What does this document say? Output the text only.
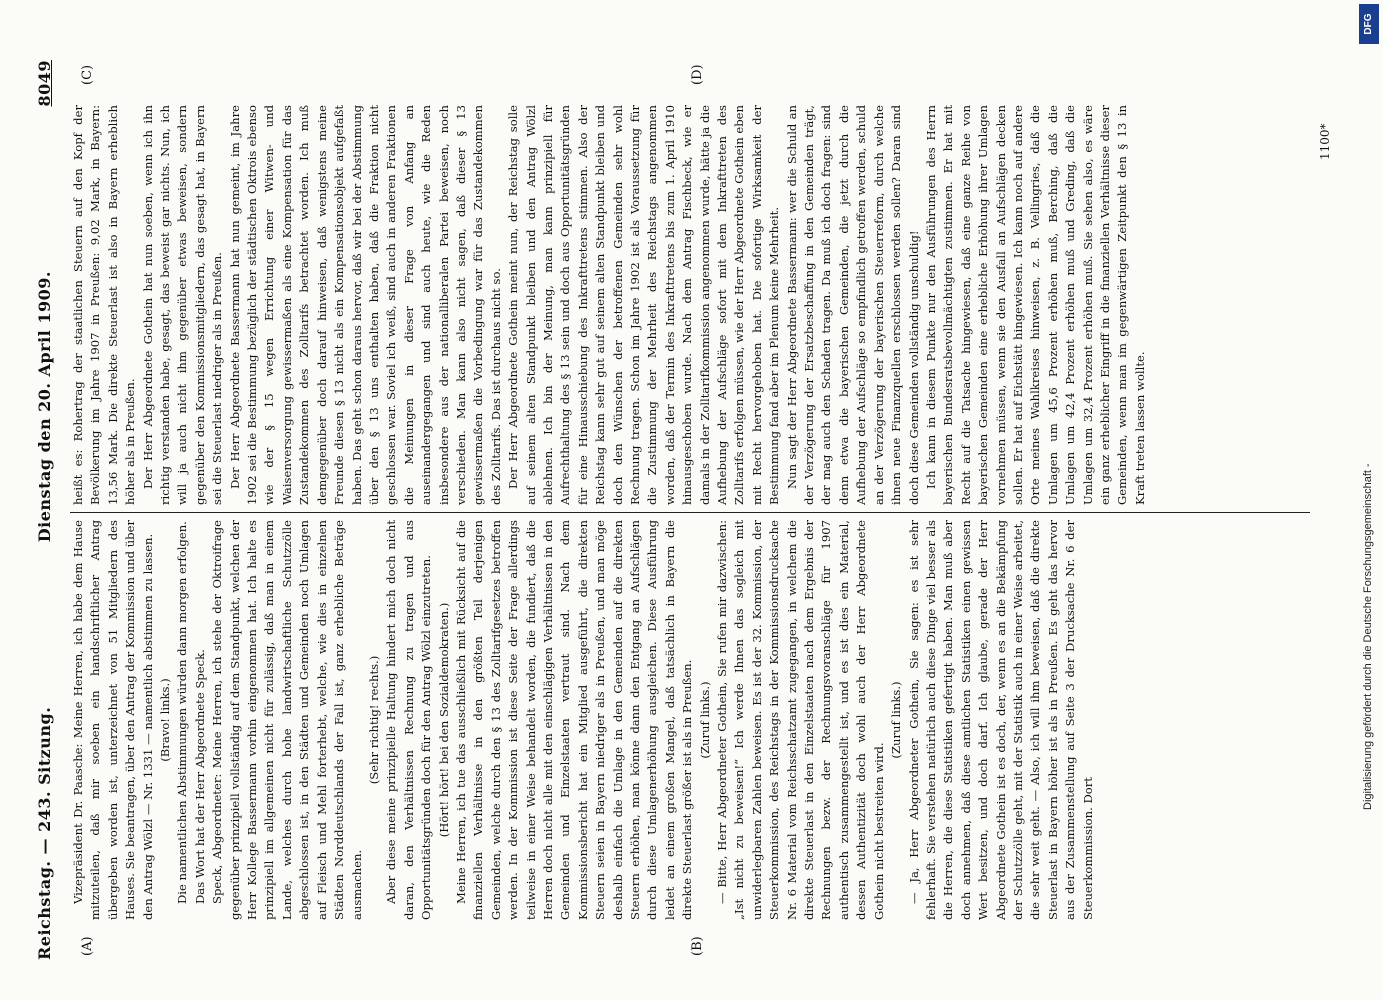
Reichstag. — 243. Sitzung.
Dienstag den 20. April 1909.
8049
(A)	(B)
(C)	(D)

Vizepräsident Dr. Paasche: Meine Herren, ich habe dem Hause mitzuteilen, daß mir soeben ein handschriftlicher Antrag übergeben worden ist, unterzeichnet von 51 Mitgliedern des Hauses. Sie beantragen, über den Antrag der Kommission und über den Antrag Wölzl — Nr. 1331 — namentlich abstimmen zu lassen. (Bravo! links.) Die namentlichen Abstimmungen würden dann morgen erfolgen. Das Wort hat der Herr Abgeordnete Speck. Speck, Abgeordneter: Meine Herren, ich stehe der Oktroifrage gegenüber prinzipiell vollständig auf dem Standpunkt, welchen der Herr Kollege Bassermann vorhin eingenommen hat. Ich halte es prinzipiell im allgemeinen nicht für zulässig, daß man in einem Lande, welches durch hohe landwirtschaftliche Schutzzölle abgeschlossen ist, in den Städten und Gemeinden noch Umlagen auf Fleisch und Mehl forterhebt, welche, wie dies in einzelnen Städten Norddeutschlands der Fall ist, ganz erhebliche Beträge ausmachen.

(Sehr richtig! rechts.) Aber diese meine prinzipielle Haltung hindert mich doch nicht daran, den Verhältnissen Rechnung zu tragen und aus Opportunitätsgründen doch für den Antrag Wölzl einzutreten. (Hört! hört! bei den Sozialdemokraten.) Meine Herren, ich tue das ausschließlich mit Rücksicht auf die finanziellen Verhältnisse in den größten Teil derjenigen Gemeinden, welche durch den § 13 des Zolltarifgesetzes betroffen werden. In der Kommission ist diese Seite der Frage allerdings teilweise in einer Weise behandelt worden, die fundiert, daß die Herren doch nicht alle mit den einschlägigen Verhältnissen in den Gemeinden und Einzelstaaten vertraut sind. Nach dem Kommissionsbericht hat ein Mitglied ausgeführt, die direkten Steuern seien in Bayern niedriger als in Preußen, und man möge deshalb einfach die Umlage in den Gemeinden auf die direkten Steuern erhöhen, man könne dann den Entgang an Aufschlägen durch diese Umlagenerhöhung ausgleichen. Diese Ausführung leidet an einem großen Mangel, daß tatsächlich in Bayern die direkte Steuerlast größer ist als in Preußen. (Zuruf links.) — Bitte, Herr Abgeordneter Gothein, Sie rufen mir dazwischen: „Ist nicht zu beweisen!“ Ich werde Ihnen das sogleich mit unwiderlegbaren Zahlen beweisen. Es ist der 32. Kommission, der Steuerkommission, des Reichstags in der Kommissionsdrucksache Nr. 6 Material vom Reichsschatzamt zugegangen, in welchem die direkte Steuerlast in den Einzelstaaten nach dem Ergebnis der Rechnungen bezw. der Rechnungsvoranschläge für 1907 authentisch zusammengestellt ist, und es ist dies ein Material, dessen Authentizität doch wohl auch der Herr Abgeordnete Gothein nicht bestreiten wird.

(Zuruf links.) — Ja, Herr Abgeordneter Gothein, Sie sagen: es ist sehr fehlerhaft. Sie verstehen natürlich auch diese Dinge viel besser als die Herren, die diese Statistiken gefertigt haben. Man muß aber doch annehmen, daß diese amtlichen Statistiken einen gewissen Wert besitzen, und doch darf. Ich glaube, gerade der Herr Abgeordnete Gothein ist es doch, der, wenn es an die Bekämpfung der Schutzzölle geht, mit der Statistik auch in einer Weise arbeitet, die sehr weit geht. — Also, ich will ihm beweisen, daß die direkte Steuerlast in Bayern höher ist als in Preußen. Es geht das hervor aus der Zusammenstellung auf Seite 3 der Drucksache Nr. 6 der Steuerkommission. Dort

heißt es: Rohertrag der staatlichen Steuern auf den Kopf der Bevölkerung im Jahre 1907 in Preußen: 9,02 Mark, in Bayern: 13,56 Mark. Die direkte Steuerlast ist also in Bayern erheblich höher als in Preußen. Der Herr Abgeordnete Gothein hat nun soeben, wenn ich ihn richtig verstanden habe, gesagt, das beweist gar nichts. Nun, ich will ja auch nicht ihm gegenüber etwas beweisen, sondern gegenüber den Kommissionsmitgliedern, das gesagt hat, in Bayern sei die Steuerlast niedriger als in Preußen. Der Herr Abgeordnete Bassermann hat nun gemeint, im Jahre 1902 sei die Bestimmung bezüglich der städtischen Oktrois ebenso wie der § 15 wegen Errichtung einer Witwen- und Waisenversorgung gewissermaßen als eine Kompensation für das Zustandekommen des Zolltarifs betrachtet worden. Ich muß demgegenüber doch darauf hinweisen, daß wenigstens meine Freunde diesen § 13 nicht als ein Kompensationsobjekt aufgefaßt haben. Das geht schon daraus hervor, daß wir bei der Abstimmung über den § 13 uns enthalten haben, daß die Fraktion nicht geschlossen war. Soviel ich weiß, sind auch in anderen Fraktionen die Meinungen in dieser Frage von Anfang an auseinandergegangen und sind auch heute, wie die Reden insbesondere aus der nationalliberalen Partei beweisen, noch verschieden. Man kann also nicht sagen, daß dieser § 13 gewissermaßen die Vorbedingung war für das Zustandekommen des Zolltarifs. Das ist durchaus nicht so. Der Herr Abgeordnete Gothein meint nun, der Reichstag solle auf seinem alten Standpunkt bleiben und den Antrag Wölzl ablehnen. Ich bin der Meinung, man kann prinzipiell für Aufrechthaltung des § 13 sein und doch aus Opportunitätsgründen für eine Hinausschiebung des Inkrafttretens stimmen. Also der Reichstag kann sehr gut auf seinem alten Standpunkt bleiben und doch den Wünschen der betroffenen Gemeinden sehr wohl Rechnung tragen. Schon im Jahre 1902 ist als Voraussetzung für die Zustimmung der Mehrheit des Reichstags angenommen worden, daß der Termin des Inkrafttretens bis zum 1. April 1910 hinausgeschoben wurde. Nach dem Antrag Fischbeck, wie er damals in der Zolltarifkommission angenommen wurde, hätte ja die Aufhebung der Aufschläge sofort mit dem Inkrafttreten des Zolltarifs erfolgen müssen, wie der Herr Abgeordnete Gothein eben mit Recht hervorgehoben hat. Die sofortige Wirksamkeit der Bestimmung fand aber im Plenum keine Mehrheit. Nun sagt der Herr Abgeordnete Bassermann: wer die Schuld an der Verzögerung der Ersatzbeschaffung in den Gemeinden trägt, der mag auch den Schaden tragen. Da muß ich doch fragen: sind denn etwa die bayerischen Gemeinden, die jetzt durch die Aufhebung der Aufschläge so empfindlich getroffen werden, schuld an der Verzögerung der bayerischen Steuerreform, durch welche ihnen neue Finanzquellen erschlossen werden sollen? Daran sind doch diese Gemeinden vollständig unschuldig! Ich kann in diesem Punkte nur den Ausführungen des Herrn bayerischen Bundesratsbevollmächtigten zustimmen. Er hat mit Recht auf die Tatsache hingewiesen, daß eine ganze Reihe von bayerischen Gemeinden eine erhebliche Erhöhung ihrer Umlagen vornehmen müssen, wenn sie den Ausfall an Aufschlägen decken sollen. Er hat auf Eichstätt hingewiesen. Ich kann noch auf andere Orte meines Wahlkreises hinweisen, z. B. Vellingries, daß die Umlagen um 45,6 Prozent erhöhen muß, Berching, daß die Umlagen um 42,4 Prozent erhöhen muß und Greding, daß die Umlagen um 32,4 Prozent erhöhen muß. Sie sehen also, es wäre ein ganz erheblicher Eingriff in die finanziellen Verhältnisse dieser Gemeinden, wenn man im gegenwärtigen Zeitpunkt den § 13 in Kraft treten lassen wollte.

1100*
DFG
Digitalisierung gefördert durch die Deutsche Forschungsgemeinschaft -
